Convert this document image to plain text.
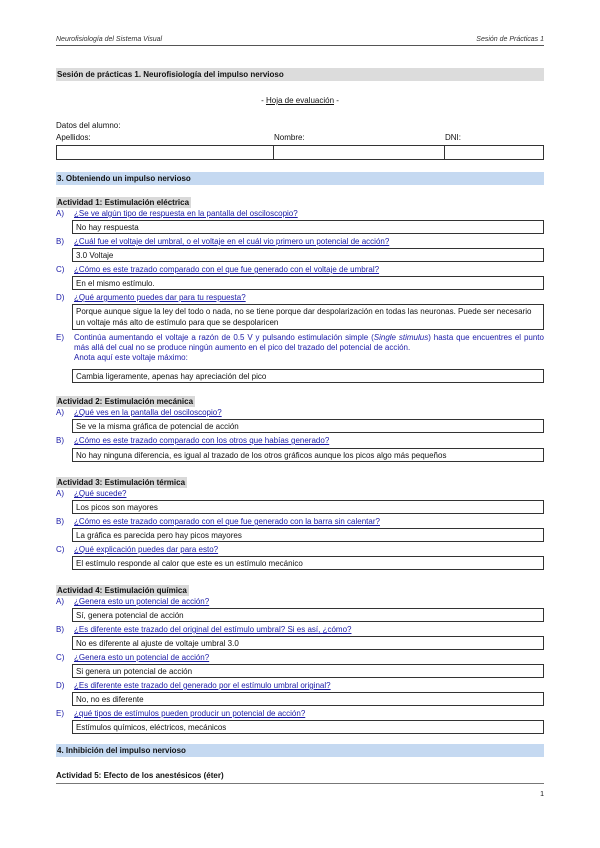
Neurofisiología del Sistema Visual	Sesión de Prácticas 1
Sesión de prácticas 1. Neurofisiología del impulso nervioso
- Hoja de evaluación -
Datos del alumno:
Apellidos:	Nombre:	DNI:
3. Obteniendo un impulso nervioso
Actividad 1: Estimulación eléctrica
A)	¿Se ve algún tipo de respuesta en la pantalla del osciloscopio?
No hay respuesta
B)	¿Cuál fue el voltaje del umbral, o el voltaje en el cuál vio primero un potencial de acción?
3.0 Voltaje
C)	¿Cómo es este trazado comparado con el que fue generado con el voltaje de umbral?
En el mismo estímulo.
D)	¿Qué argumento puedes dar para tu respuesta?
Porque aunque sigue la ley del todo o nada, no se tiene porque dar despolarización en todas las neuronas. Puede ser necesario un voltaje más alto de estímulo para que se despolaricen
E)	Continúa aumentando el voltaje a razón de 0.5 V y pulsando estimulación simple (Single stimulus) hasta que encuentres el punto más allá del cual no se produce ningún aumento en el pico del trazado del potencial de acción.
Anota aquí este voltaje máximo:
Cambia ligeramente, apenas hay apreciación del pico
Actividad 2: Estimulación mecánica
A)	¿Qué ves en la pantalla del osciloscopio?
Se ve la misma gráfica de potencial de acción
B)	¿Cómo es este trazado comparado con los otros que habías generado?
No hay ninguna diferencia, es igual al trazado de los otros gráficos aunque los picos algo más pequeños
Actividad 3: Estimulación térmica
A)	¿Qué sucede?
Los picos son mayores
B)	¿Cómo es este trazado comparado con el que fue generado con la barra sin calentar?
La gráfica es parecida pero hay picos mayores
C)	¿Qué explicación puedes dar para esto?
El estímulo responde al calor que este es un estímulo mecánico
Actividad 4: Estimulación química
A)	¿Genera esto un potencial de acción?
Sí, genera potencial de acción
B)	¿Es diferente este trazado del original del estímulo umbral? Si es así, ¿cómo?
No es diferente al ajuste de voltaje umbral 3.0
C)	¿Genera esto un potencial de acción?
Si genera un potencial de acción
D)	¿Es diferente este trazado del generado por el estímulo umbral original?
No, no es diferente
E)	¿qué tipos de estímulos pueden producir un potencial de acción?
Estímulos químicos, eléctricos, mecánicos
4. Inhibición del impulso nervioso
Actividad 5: Efecto de los anestésicos (éter)
1
